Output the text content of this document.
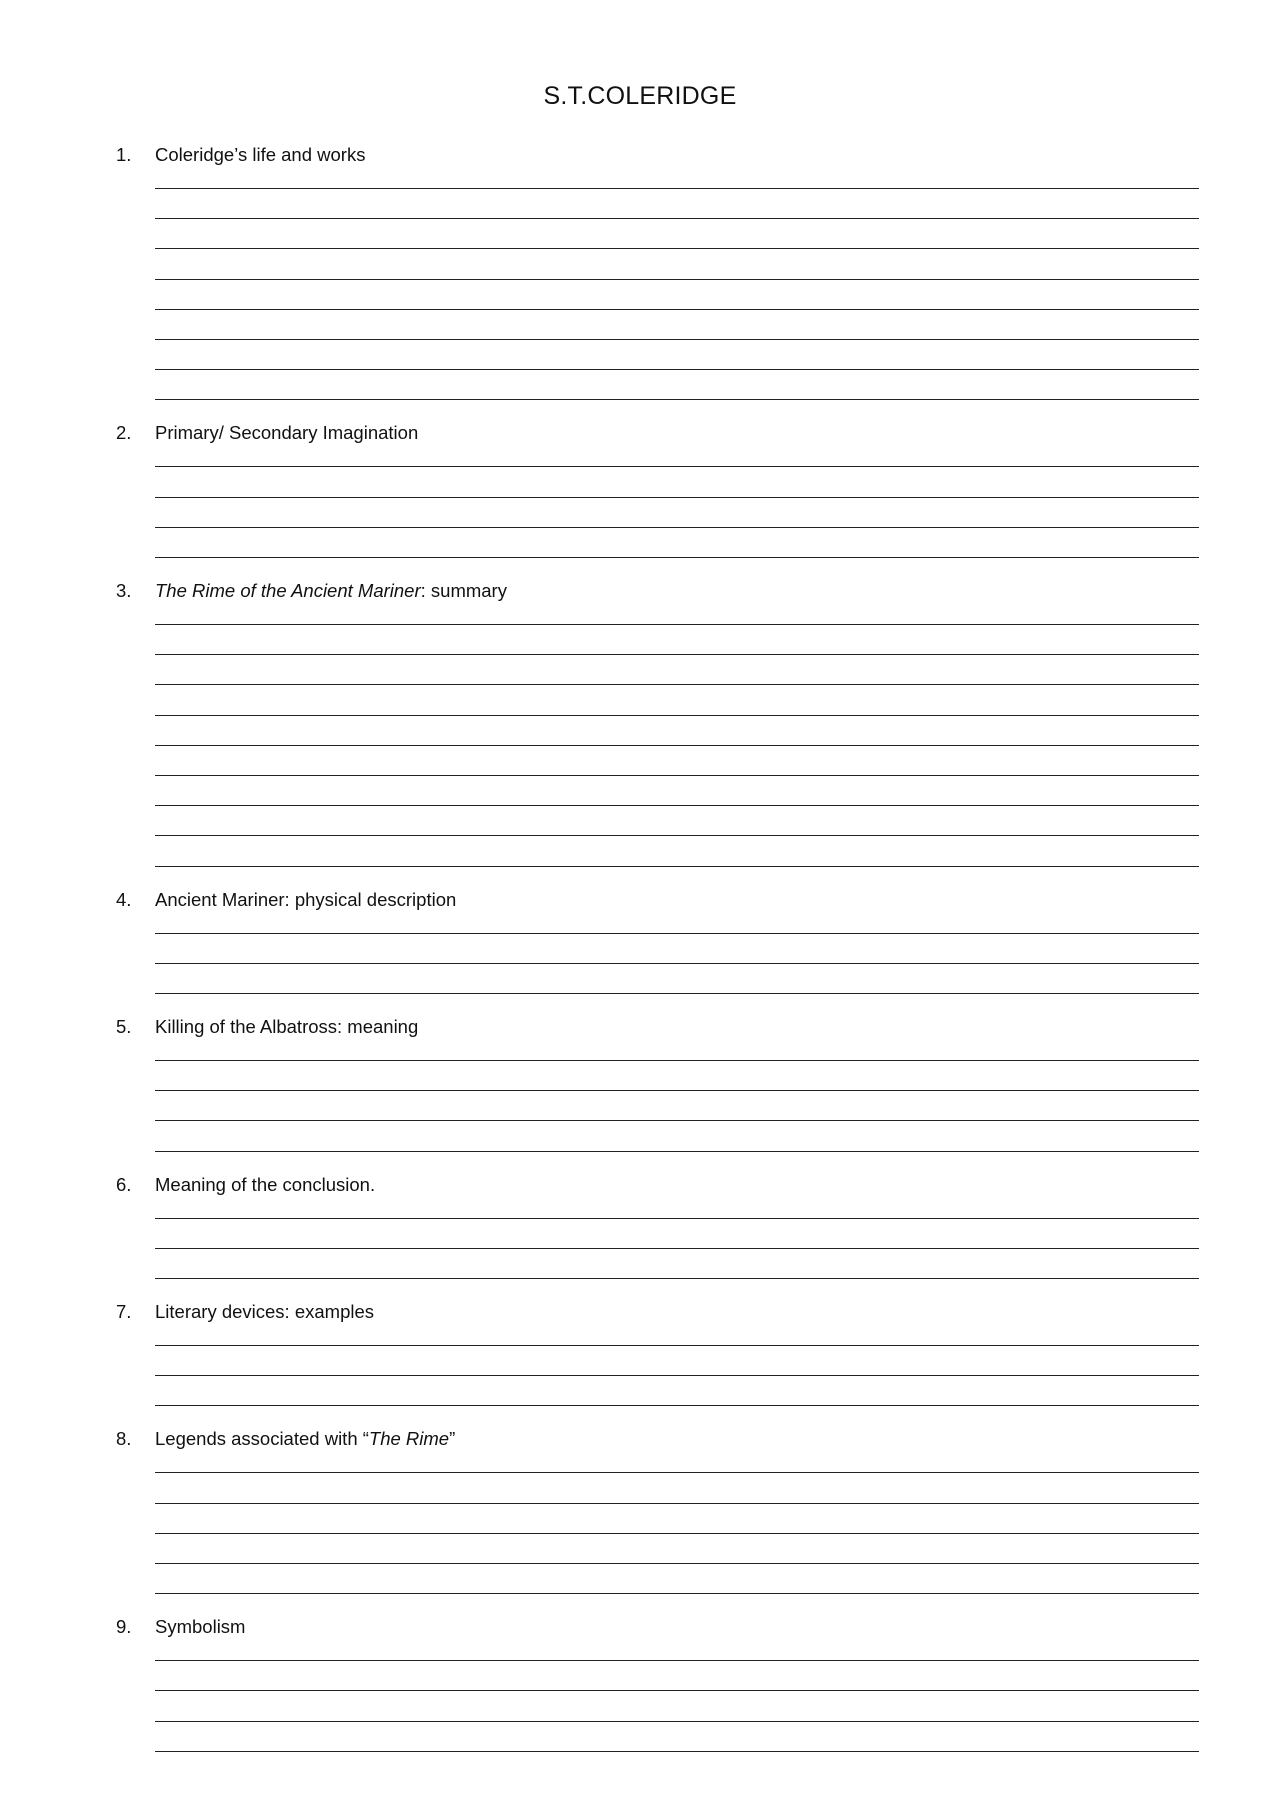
S.T.COLERIDGE
1. Coleridge’s life and works
2. Primary/ Secondary Imagination
3. The Rime of the Ancient Mariner: summary
4. Ancient Mariner: physical description
5. Killing of the Albatross: meaning
6. Meaning of the conclusion.
7. Literary devices: examples
8. Legends associated with “The Rime”
9. Symbolism
